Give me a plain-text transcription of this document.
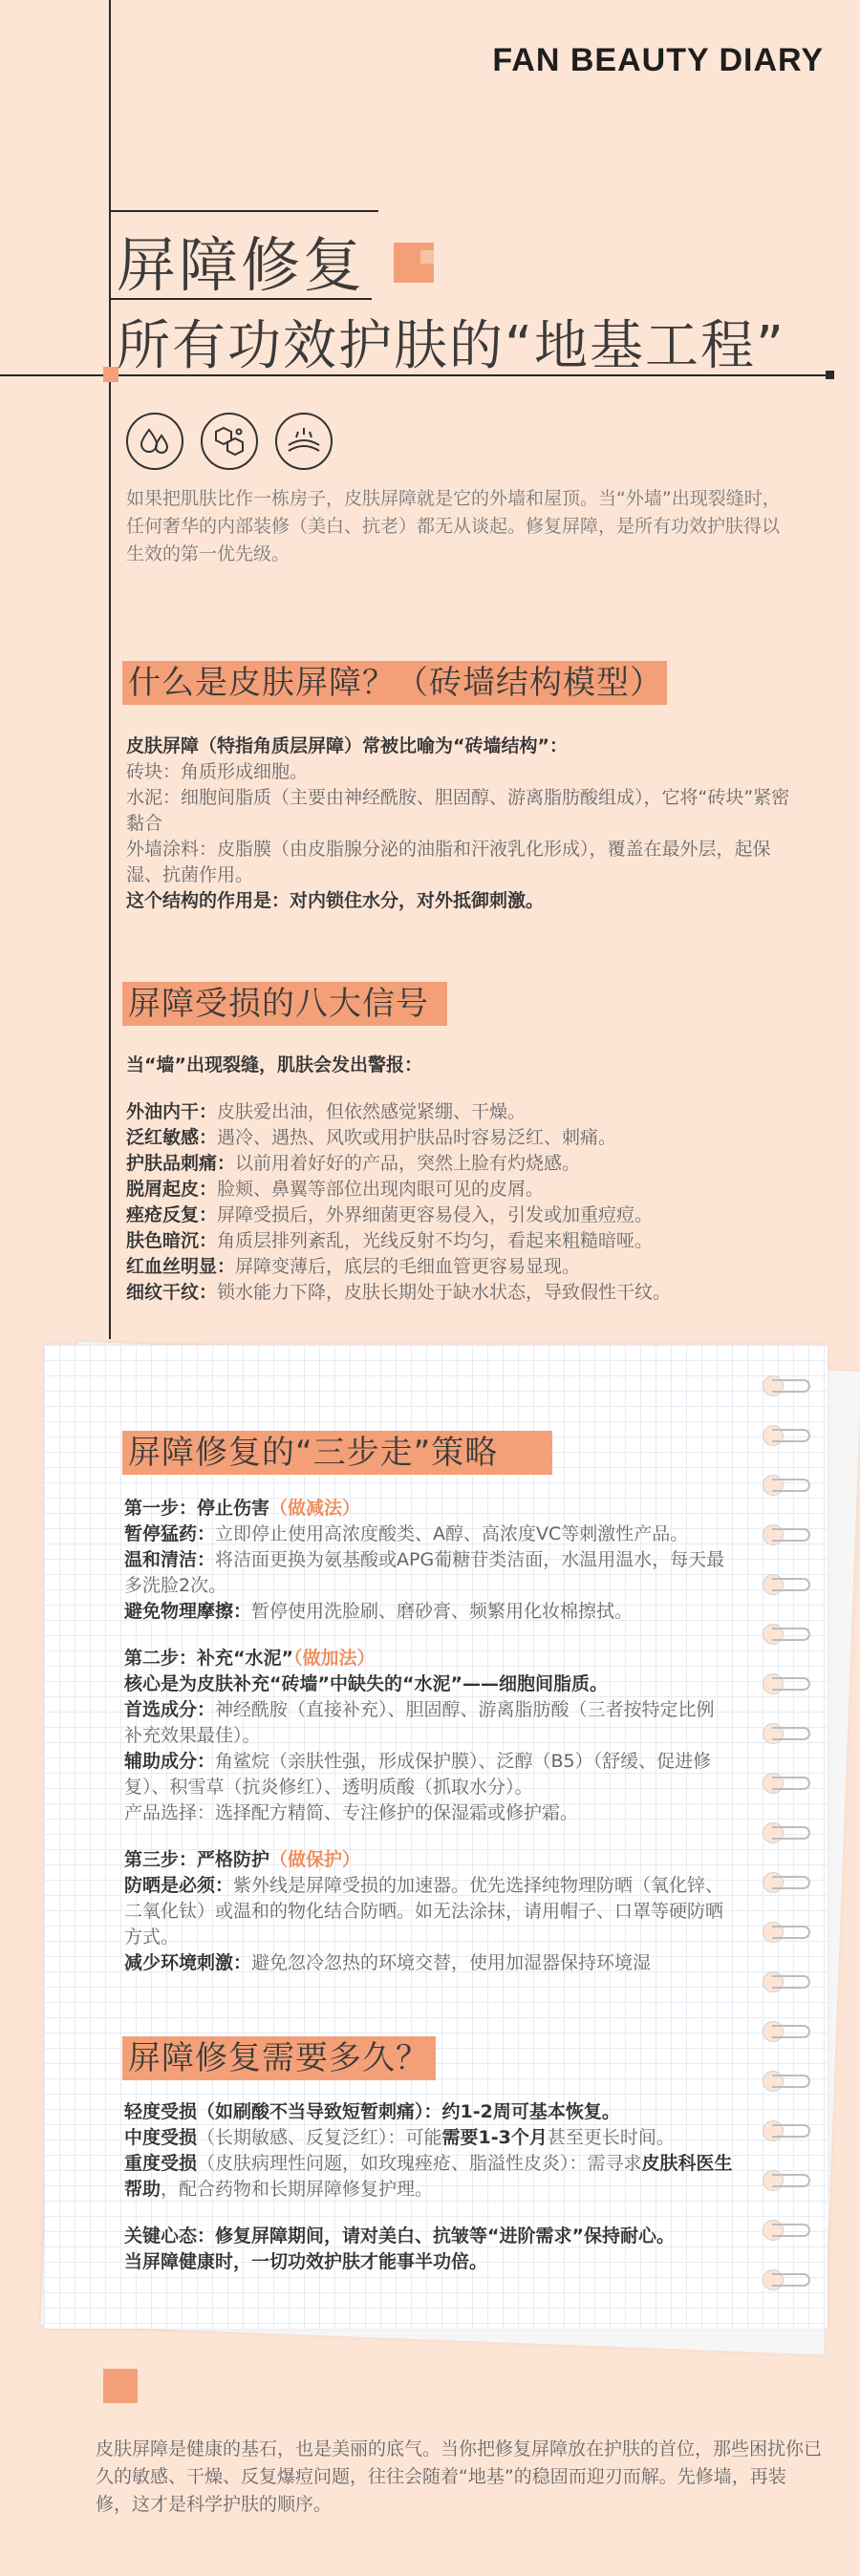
FAN BEAUTY DIARY
屏障修复
所有功效护肤的“地基工程”
如果把肌肤比作一栋房子，皮肤屏障就是它的外墙和屋顶。当“外墙”出现裂缝时，任何奢华的内部装修（美白、抗老）都无从谈起。修复屏障，是所有功效护肤得以生效的第一优先级。
什么是皮肤屏障？（砖墙结构模型）

皮肤屏障（特指角质层屏障）常被比喻为“砖墙结构”：

砖块：角质形成细胞。

水泥：细胞间脂质（主要由神经酰胺、胆固醇、游离脂肪酸组成），它将“砖块”紧密黏合

外墙涂料：皮脂膜（由皮脂腺分泌的油脂和汗液乳化形成），覆盖在最外层，起保湿、抗菌作用。

这个结构的作用是：对内锁住水分，对外抵御刺激。

屏障受损的八大信号

当“墙”出现裂缝，肌肤会发出警报：

外油内干：皮肤爱出油，但依然感觉紧绷、干燥。

泛红敏感：遇冷、遇热、风吹或用护肤品时容易泛红、刺痛。

护肤品刺痛：以前用着好好的产品，突然上脸有灼烧感。

脱屑起皮：脸颊、鼻翼等部位出现肉眼可见的皮屑。

痤疮反复：屏障受损后，外界细菌更容易侵入，引发或加重痘痘。

肤色暗沉：角质层排列紊乱，光线反射不均匀，看起来粗糙暗哑。

红血丝明显：屏障变薄后，底层的毛细血管更容易显现。

细纹干纹：锁水能力下降，皮肤长期处于缺水状态，导致假性干纹。

屏障修复的“三步走”策略

第一步：停止伤害（做减法）

暂停猛药：立即停止使用高浓度酸类、A醇、高浓度VC等刺激性产品。

温和清洁：将洁面更换为氨基酸或APG葡糖苷类洁面，水温用温水，每天最多洗脸2次。

避免物理摩擦：暂停使用洗脸刷、磨砂膏、频繁用化妆棉擦拭。

第二步：补充“水泥”（做加法）

核心是为皮肤补充“砖墙”中缺失的“水泥”——细胞间脂质。

首选成分：神经酰胺（直接补充）、胆固醇、游离脂肪酸（三者按特定比例补充效果最佳）。

辅助成分：角鲨烷（亲肤性强，形成保护膜）、泛醇（B5）（舒缓、促进修复）、积雪草（抗炎修红）、透明质酸（抓取水分）。

产品选择：选择配方精简、专注修护的保湿霜或修护霜。

第三步：严格防护（做保护）

防晒是必须：紫外线是屏障受损的加速器。优先选择纯物理防晒（氧化锌、二氧化钛）或温和的物化结合防晒。如无法涂抹，请用帽子、口罩等硬防晒方式。

减少环境刺激：避免忽冷忽热的环境交替，使用加湿器保持环境湿

屏障修复需要多久？

轻度受损（如刷酸不当导致短暂刺痛）：约1-2周可基本恢复。

中度受损（长期敏感、反复泛红）：可能需要1-3个月甚至更长时间。

重度受损（皮肤病理性问题，如玫瑰痤疮、脂溢性皮炎）：需寻求皮肤科医生帮助，配合药物和长期屏障修复护理。

关键心态：修复屏障期间，请对美白、抗皱等“进阶需求”保持耐心。

当屏障健康时，一切功效护肤才能事半功倍。

皮肤屏障是健康的基石，也是美丽的底气。当你把修复屏障放在护肤的首位，那些困扰你已久的敏感、干燥、反复爆痘问题，往往会随着“地基”的稳固而迎刃而解。先修墙，再装修，这才是科学护肤的顺序。
